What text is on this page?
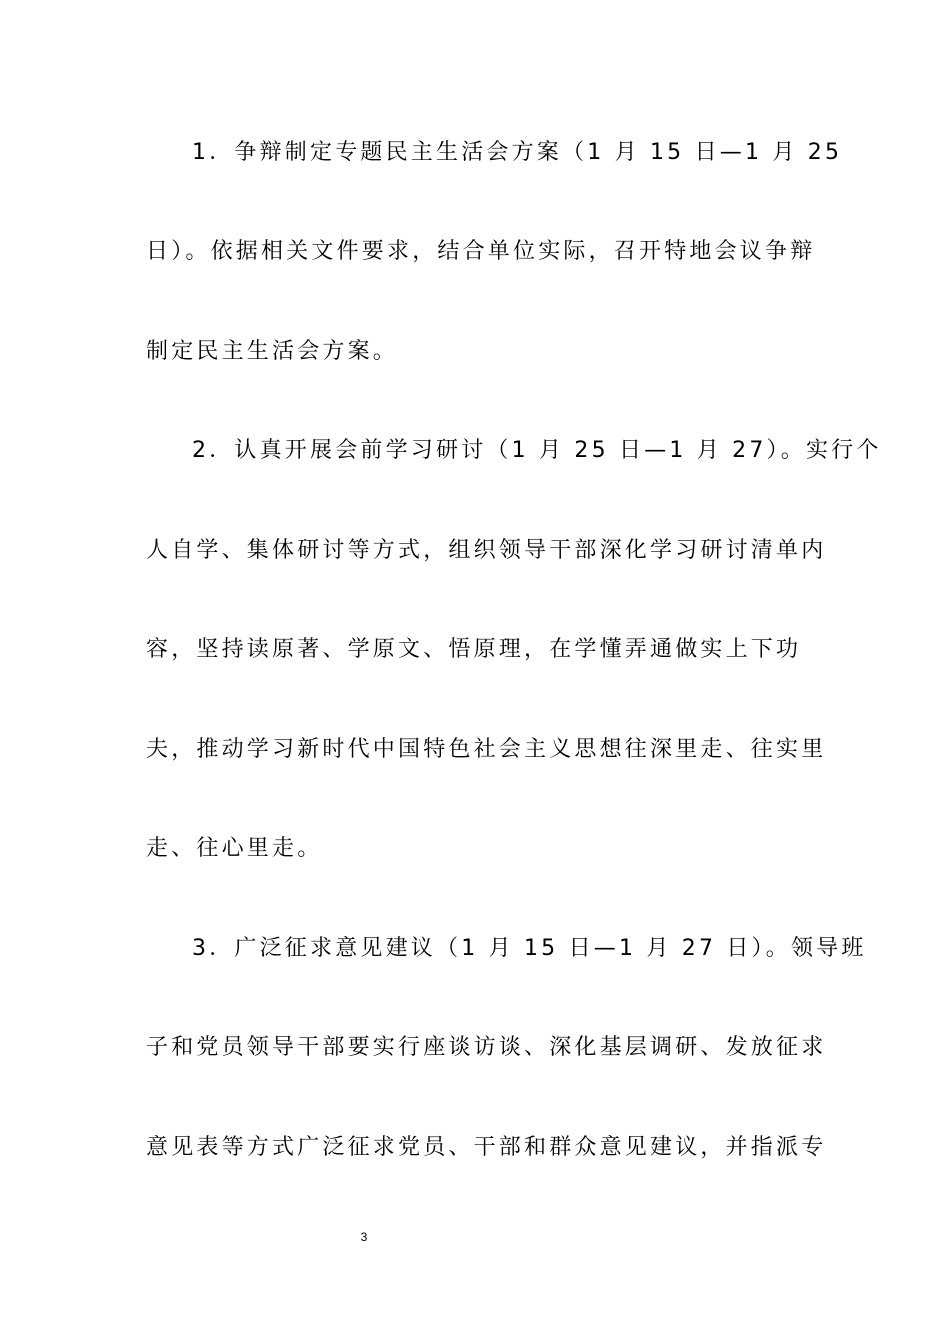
1．争辩制定专题民主生活会方案（1 月 15 日—1 月 25
日）。依据相关文件要求，结合单位实际，召开特地会议争辩
制定民主生活会方案。
2．认真开展会前学习研讨（1 月 25 日—1 月 27）。实行个
人自学、集体研讨等方式，组织领导干部深化学习研讨清单内
容，坚持读原著、学原文、悟原理，在学懂弄通做实上下功
夫，推动学习新时代中国特色社会主义思想往深里走、往实里
走、往心里走。
3．广泛征求意见建议（1 月 15 日—1 月 27 日）。领导班
子和党员领导干部要实行座谈访谈、深化基层调研、发放征求
意见表等方式广泛征求党员、干部和群众意见建议，并指派专
3
